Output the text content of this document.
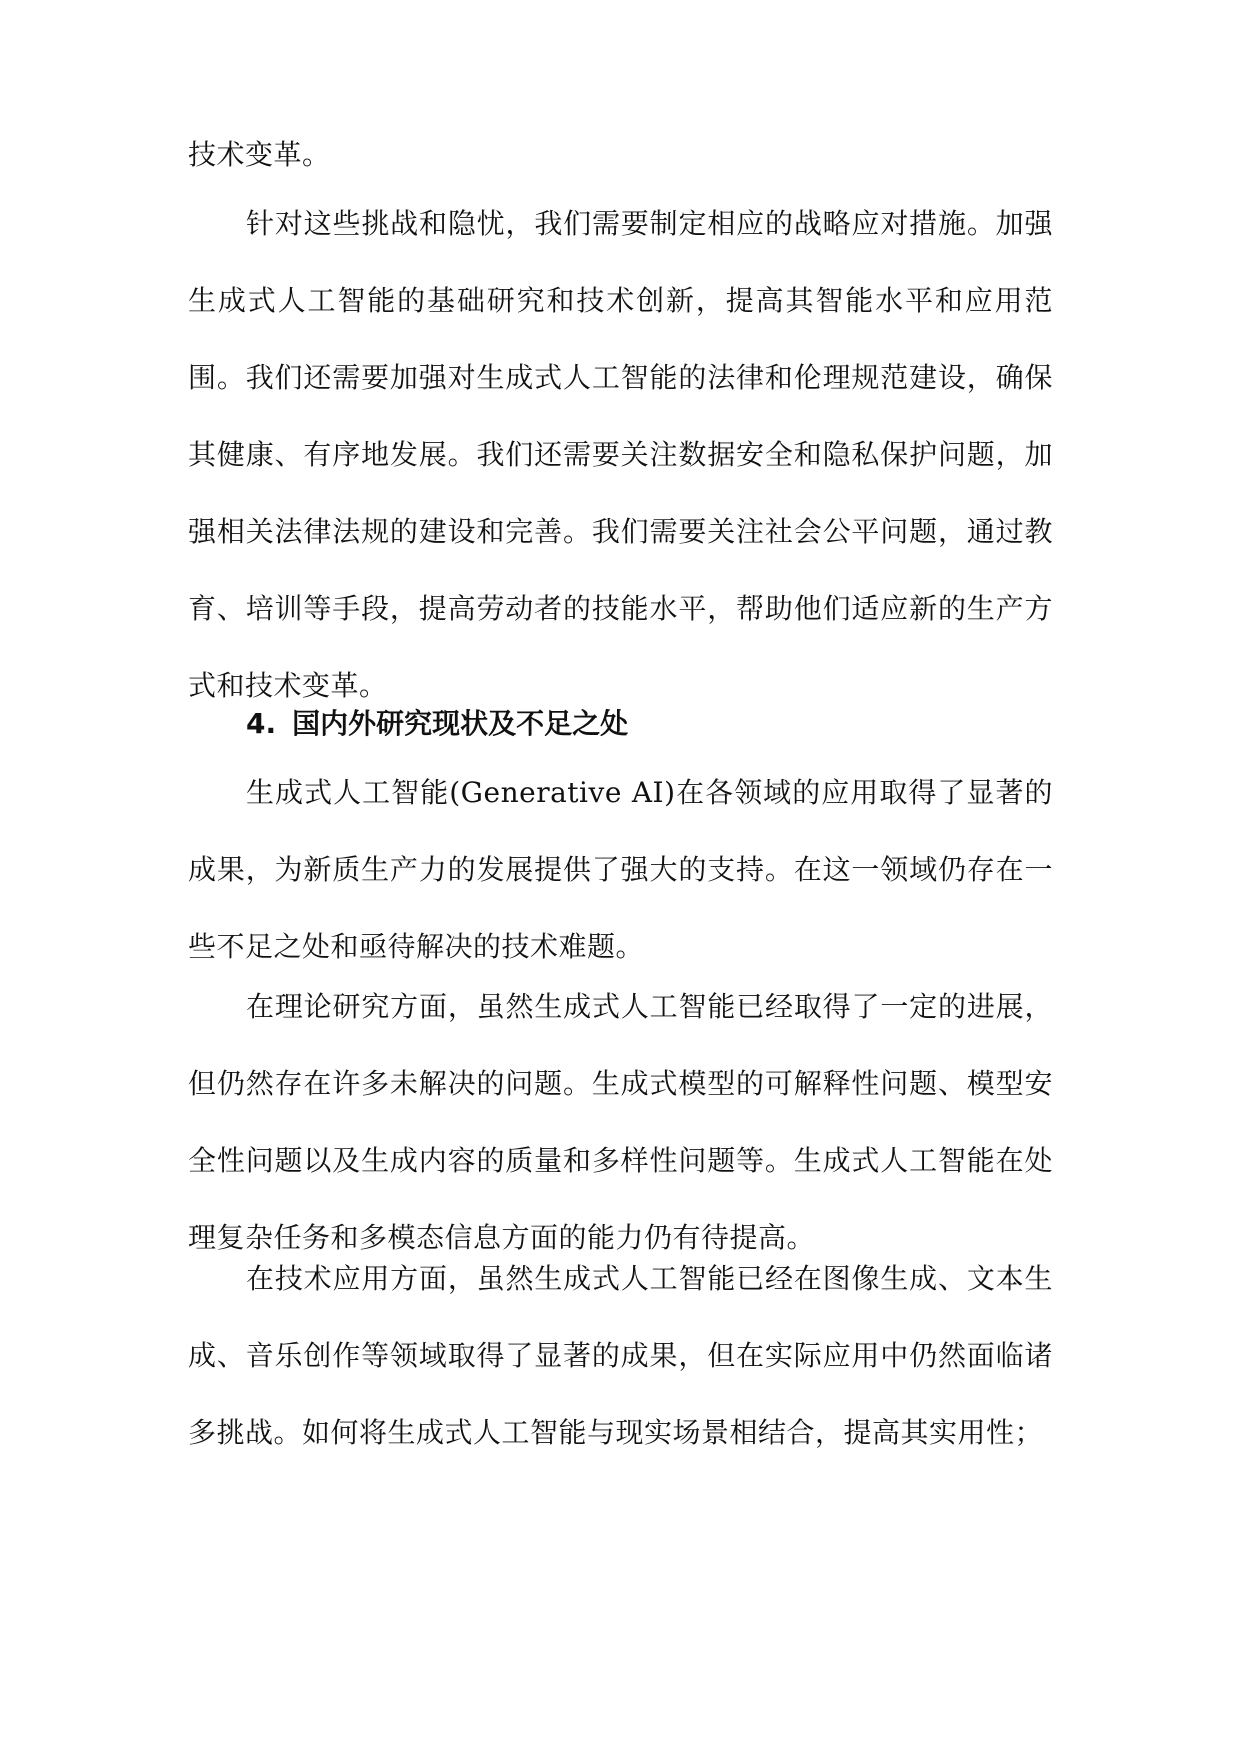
技术变革。

针对这些挑战和隐忧，我们需要制定相应的战略应对措施。加强生成式人工智能的基础研究和技术创新，提高其智能水平和应用范围。我们还需要加强对生成式人工智能的法律和伦理规范建设，确保其健康、有序地发展。我们还需要关注数据安全和隐私保护问题，加强相关法律法规的建设和完善。我们需要关注社会公平问题，通过教育、培训等手段，提高劳动者的技能水平，帮助他们适应新的生产方式和技术变革。

4. 国内外研究现状及不足之处

生成式人工智能(Generative AI)在各领域的应用取得了显著的成果，为新质生产力的发展提供了强大的支持。在这一领域仍存在一些不足之处和亟待解决的技术难题。

在理论研究方面，虽然生成式人工智能已经取得了一定的进展，但仍然存在许多未解决的问题。生成式模型的可解释性问题、模型安全性问题以及生成内容的质量和多样性问题等。生成式人工智能在处理复杂任务和多模态信息方面的能力仍有待提高。

在技术应用方面，虽然生成式人工智能已经在图像生成、文本生成、音乐创作等领域取得了显著的成果，但在实际应用中仍然面临诸多挑战。如何将生成式人工智能与现实场景相结合，提高其实用性；
